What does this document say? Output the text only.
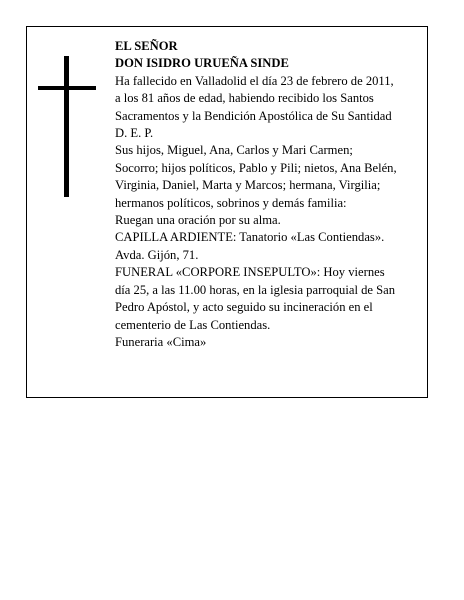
EL SEÑOR
DON ISIDRO URUEÑA SINDE
Ha fallecido en Valladolid el día 23 de febrero de 2011,
a los 81 años de edad, habiendo recibido los Santos
Sacramentos y la Bendición Apostólica de Su Santidad
D. E. P.
Sus hijos, Miguel, Ana, Carlos y Mari Carmen;
Socorro; hijos políticos, Pablo y Pili; nietos, Ana Belén,
Virginia, Daniel, Marta y Marcos; hermana, Virgilia;
hermanos políticos, sobrinos y demás familia:
Ruegan una oración por su alma.
CAPILLA ARDIENTE: Tanatorio «Las Contiendas».
Avda. Gijón, 71.
FUNERAL «CORPORE INSEPULTO»: Hoy viernes
día 25, a las 11.00 horas, en la iglesia parroquial de San
Pedro Apóstol, y acto seguido su incineración en el
cementerio de Las Contiendas.
Funeraria «Cima»
